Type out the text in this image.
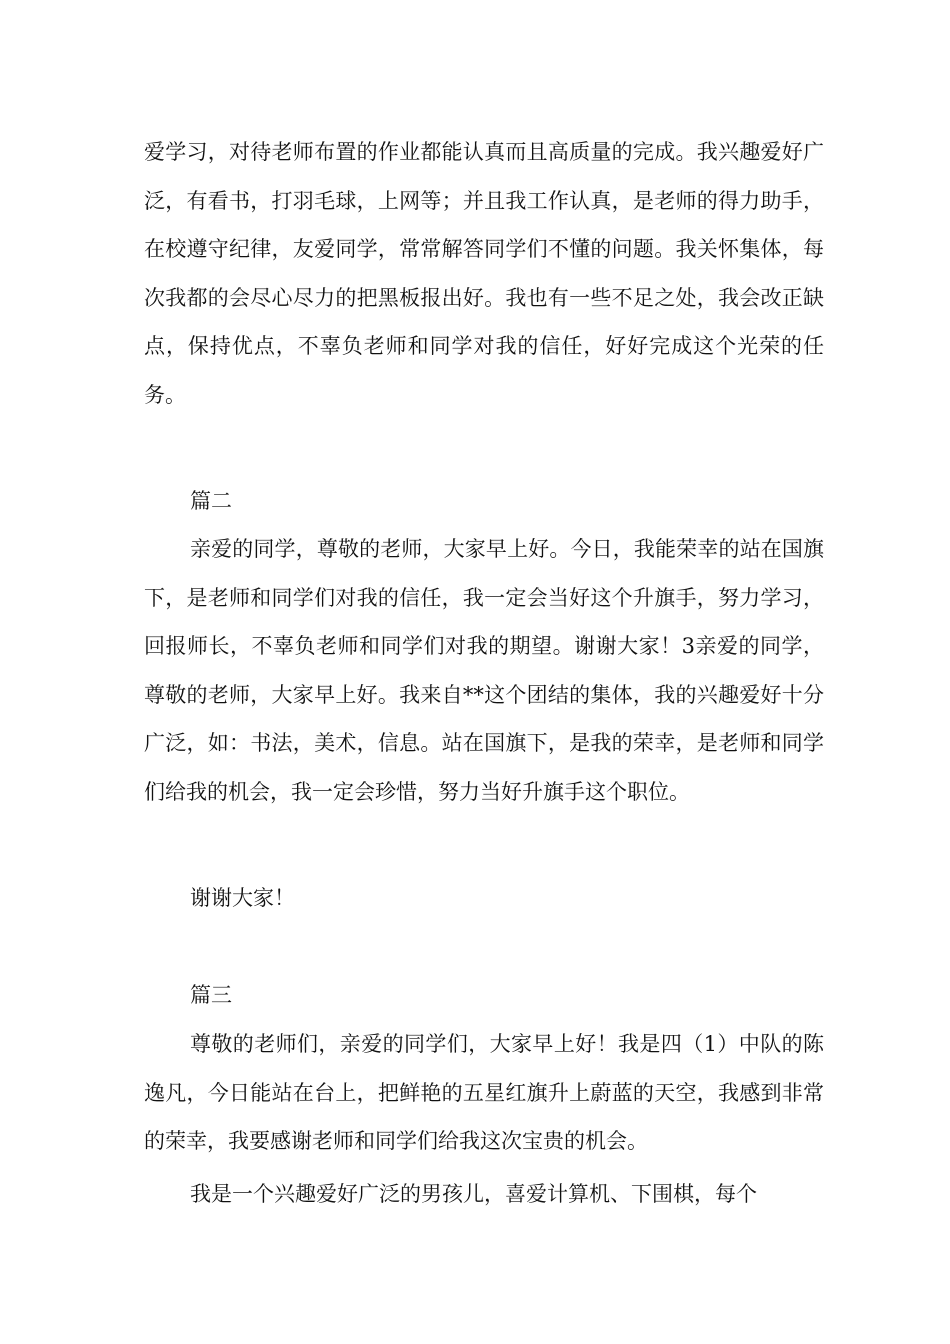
爱学习，对待老师布置的作业都能认真而且高质量的完成。我兴趣爱好广泛，有看书，打羽毛球，上网等；并且我工作认真，是老师的得力助手，在校遵守纪律，友爱同学，常常解答同学们不懂的问题。我关怀集体，每次我都的会尽心尽力的把黑板报出好。我也有一些不足之处，我会改正缺点，保持优点，不辜负老师和同学对我的信任，好好完成这个光荣的任务。

篇二

亲爱的同学，尊敬的老师，大家早上好。今日，我能荣幸的站在国旗下，是老师和同学们对我的信任，我一定会当好这个升旗手，努力学习，回报师长，不辜负老师和同学们对我的期望。谢谢大家！3亲爱的同学，尊敬的老师，大家早上好。我来自**这个团结的集体，我的兴趣爱好十分广泛，如：书法，美术，信息。站在国旗下，是我的荣幸，是老师和同学们给我的机会，我一定会珍惜，努力当好升旗手这个职位。

谢谢大家！

篇三

尊敬的老师们，亲爱的同学们，大家早上好！我是四（1）中队的陈逸凡，今日能站在台上，把鲜艳的五星红旗升上蔚蓝的天空，我感到非常的荣幸，我要感谢老师和同学们给我这次宝贵的机会。

我是一个兴趣爱好广泛的男孩儿，喜爱计算机、下围棋，每个
